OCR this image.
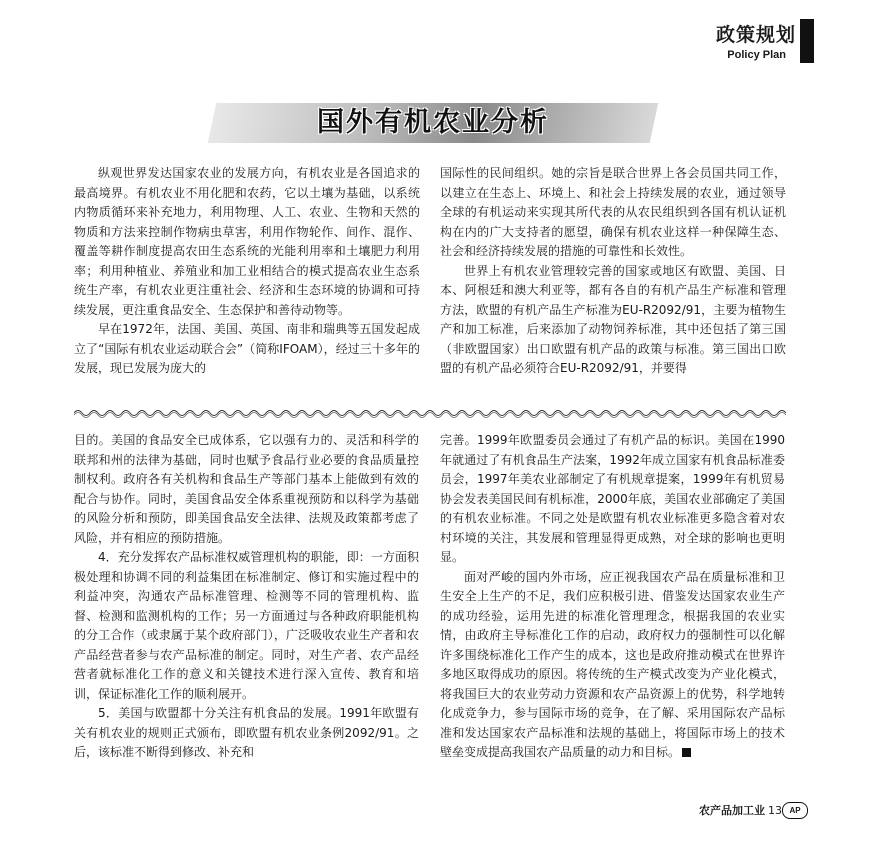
政策规划
Policy Plan
国外有机农业分析

纵观世界发达国家农业的发展方向，有机农业是各国追求的最高境界。有机农业不用化肥和农药，它以土壤为基础，以系统内物质循环来补充地力，利用物理、人工、农业、生物和天然的物质和方法来控制作物病虫草害，利用作物轮作、间作、混作、覆盖等耕作制度提高农田生态系统的光能利用率和土壤肥力利用率；利用种植业、养殖业和加工业相结合的模式提高农业生态系统生产率，有机农业更注重社会、经济和生态环境的协调和可持续发展，更注重食品安全、生态保护和善待动物等。

早在1972年，法国、美国、英国、南非和瑞典等五国发起成立了“国际有机农业运动联合会”（简称IFOAM），经过三十多年的发展，现已发展为庞大的

国际性的民间组织。她的宗旨是联合世界上各会员国共同工作，以建立在生态上、环境上、和社会上持续发展的农业，通过领导全球的有机运动来实现其所代表的从农民组织到各国有机认证机构在内的广大支持者的愿望，确保有机农业这样一种保障生态、社会和经济持续发展的措施的可靠性和长效性。

世界上有机农业管理较完善的国家或地区有欧盟、美国、日本、阿根廷和澳大利亚等，都有各自的有机产品生产标准和管理方法，欧盟的有机产品生产标准为EU-R2092/91，主要为植物生产和加工标准，后来添加了动物饲养标准，其中还包括了第三国（非欧盟国家）出口欧盟有机产品的政策与标准。第三国出口欧盟的有机产品必须符合EU-R2092/91，并要得

目的。美国的食品安全已成体系，它以强有力的、灵活和科学的联邦和州的法律为基础，同时也赋予食品行业必要的食品质量控制权利。政府各有关机构和食品生产等部门基本上能做到有效的配合与协作。同时，美国食品安全体系重视预防和以科学为基础的风险分析和预防，即美国食品安全法律、法规及政策都考虑了风险，并有相应的预防措施。

4．充分发挥农产品标准权威管理机构的职能，即：一方面积极处理和协调不同的利益集团在标准制定、修订和实施过程中的利益冲突，沟通农产品标准管理、检测等不同的管理机构、监督、检测和监测机构的工作；另一方面通过与各种政府职能机构的分工合作（或隶属于某个政府部门），广泛吸收农业生产者和农产品经营者参与农产品标准的制定。同时，对生产者、农产品经营者就标准化工作的意义和关键技术进行深入宣传、教育和培训，保证标准化工作的顺利展开。

5．美国与欧盟都十分关注有机食品的发展。1991年欧盟有关有机农业的规则正式颁布，即欧盟有机农业条例2092/91。之后，该标准不断得到修改、补充和

完善。1999年欧盟委员会通过了有机产品的标识。美国在1990年就通过了有机食品生产法案，1992年成立国家有机食品标准委员会，1997年美农业部制定了有机规章提案，1999年有机贸易协会发表美国民间有机标准，2000年底，美国农业部确定了美国的有机农业标准。不同之处是欧盟有机农业标准更多隐含着对农村环境的关注，其发展和管理显得更成熟，对全球的影响也更明显。

面对严峻的国内外市场，应正视我国农产品在质量标准和卫生安全上生产的不足，我们应积极引进、借鉴发达国家农业生产的成功经验，运用先进的标准化管理理念，根据我国的农业实情，由政府主导标准化工作的启动，政府权力的强制性可以化解许多围绕标准化工作产生的成本，这也是政府推动模式在世界许多地区取得成功的原因。将传统的生产模式改变为产业化模式，将我国巨大的农业劳动力资源和农产品资源上的优势，科学地转化成竞争力，参与国际市场的竞争，在了解、采用国际农产品标准和发达国家农产品标准和法规的基础上，将国际市场上的技术壁垒变成提高我国农产品质量的动力和目标。

农产品加工业 13 AP
